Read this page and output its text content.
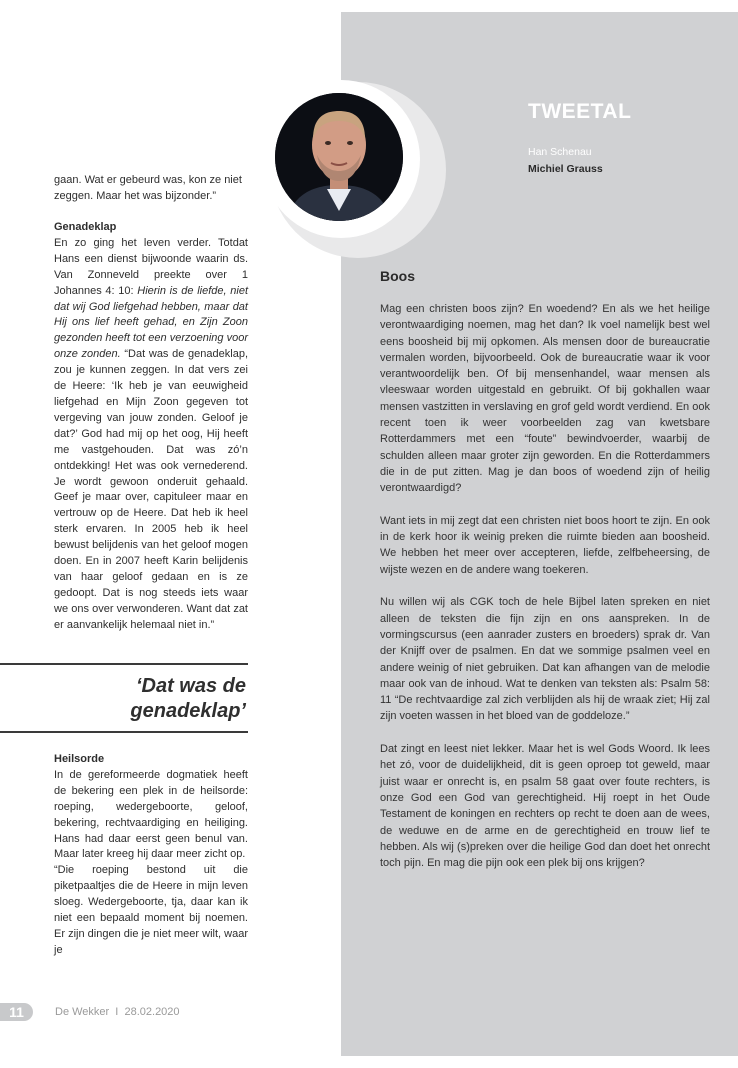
gaan. Wat er gebeurd was, kon ze niet
zeggen. Maar het was bijzonder.”
Genadeklap

En zo ging het leven verder. Totdat Hans een dienst bijwoonde waarin ds. Van Zonneveld preekte over 1 Johannes 4: 10: Hierin is de liefde, niet dat wij God liefgehad hebben, maar dat Hij ons lief heeft gehad, en Zijn Zoon gezonden heeft tot een verzoening voor onze zonden. “Dat was de genadeklap, zou je kunnen zeggen. In dat vers zei de Heere: ‘Ik heb je van eeuwigheid liefgehad en Mijn Zoon gegeven tot vergeving van jouw zonden. Geloof je dat?’ God had mij op het oog, Hij heeft me vastgehouden. Dat was zó’n ontdekking! Het was ook vernederend. Je wordt gewoon onderuit gehaald. Geef je maar over, capituleer maar en vertrouw op de Heere. Dat heb ik heel sterk ervaren. In 2005 heb ik heel bewust belijdenis van het geloof mogen doen. En in 2007 heeft Karin belijdenis van haar geloof gedaan en is ze gedoopt. Dat is nog steeds iets waar we ons over verwonderen. Want dat zat er aanvankelijk helemaal niet in.”

‘Dat was de
genadeklap’
Heilsorde

In de gereformeerde dogmatiek heeft de bekering een plek in de heilsorde: roeping, wedergeboorte, geloof, bekering, rechtvaardiging en heiliging. Hans had daar eerst geen benul van. Maar later kreeg hij daar meer zicht op.

“Die roeping bestond uit die piketpaaltjes die de Heere in mijn leven sloeg. Wedergeboorte, tja, daar kan ik niet een bepaald moment bij noemen. Er zijn dingen die je niet meer wilt, waar je

TWEETAL
Han Schenau
Michiel Grauss
Boos

Mag een christen boos zijn? En woedend? En als we het heilige verontwaardiging noemen, mag het dan? Ik voel namelijk best wel eens boosheid bij mij opkomen. Als mensen door de bureaucratie vermalen worden, bijvoorbeeld. Ook de bureaucratie waar ik voor verantwoordelijk ben. Of bij mensenhandel, waar mensen als vleeswaar worden uitgestald en gebruikt. Of bij gokhallen waar mensen vastzitten in verslaving en grof geld wordt verdiend. En ook recent toen ik weer voorbeelden zag van kwetsbare Rotterdammers met een “foute” bewindvoerder, waarbij de schulden alleen maar groter zijn geworden. En die Rotterdammers die in de put zitten. Mag je dan boos of woedend zijn of heilig verontwaardigd?

Want iets in mij zegt dat een christen niet boos hoort te zijn. En ook in de kerk hoor ik weinig preken die ruimte bieden aan boosheid. We hebben het meer over accepteren, liefde, zelfbeheersing, de wijste wezen en de andere wang toekeren.

Nu willen wij als CGK toch de hele Bijbel laten spreken en niet alleen de teksten die fijn zijn en ons aanspreken. In de vormingscursus (een aanrader zusters en broeders) sprak dr. Van der Knijff over de psalmen. En dat we sommige psalmen veel en andere weinig of niet gebruiken. Dat kan afhangen van de melodie maar ook van de inhoud. Wat te denken van teksten als: Psalm 58: 11 “De rechtvaardige zal zich verblijden als hij de wraak ziet; Hij zal zijn voeten wassen in het bloed van de goddeloze.”

Dat zingt en leest niet lekker. Maar het is wel Gods Woord. Ik lees het zó, voor de duidelijkheid, dit is geen oproep tot geweld, maar juist waar er onrecht is, en psalm 58 gaat over foute rechters, is onze God een God van gerechtigheid. Hij roept in het Oude Testament de koningen en rechters op recht te doen aan de wees, de weduwe en de arme en de gerechtigheid en trouw lief te hebben. Als wij (s)preken over die heilige God dan doet het onrecht toch pijn. En mag die pijn ook een plek bij ons krijgen?

11	De Wekker  I  28.02.2020
